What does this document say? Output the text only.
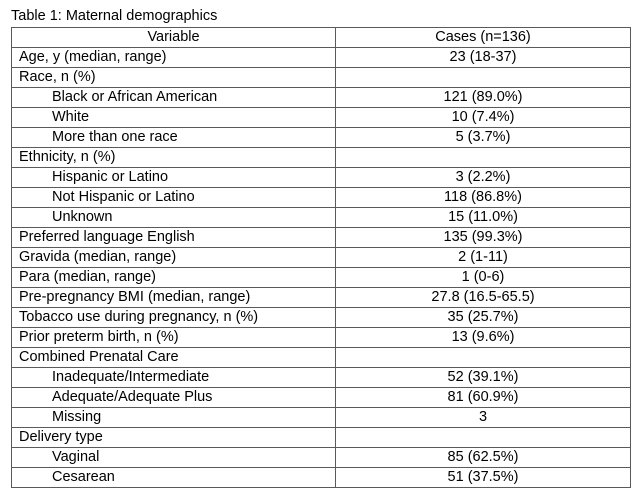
Table 1: Maternal demographics
Variable	Cases (n=136)
Age, y (median, range)	23 (18-37)
Race, n (%)	
Black or African American	121 (89.0%)
White	10 (7.4%)
More than one race	5 (3.7%)
Ethnicity, n (%)	
Hispanic or Latino	3 (2.2%)
Not Hispanic or Latino	118 (86.8%)
Unknown	15 (11.0%)
Preferred language English	135 (99.3%)
Gravida (median, range)	2 (1-11)
Para (median, range)	1 (0-6)
Pre-pregnancy BMI (median, range)	27.8 (16.5-65.5)
Tobacco use during pregnancy, n (%)	35 (25.7%)
Prior preterm birth, n (%)	13 (9.6%)
Combined Prenatal Care	
Inadequate/Intermediate	52 (39.1%)
Adequate/Adequate Plus	81 (60.9%)
Missing	3
Delivery type	
Vaginal	85 (62.5%)
Cesarean	51 (37.5%)
